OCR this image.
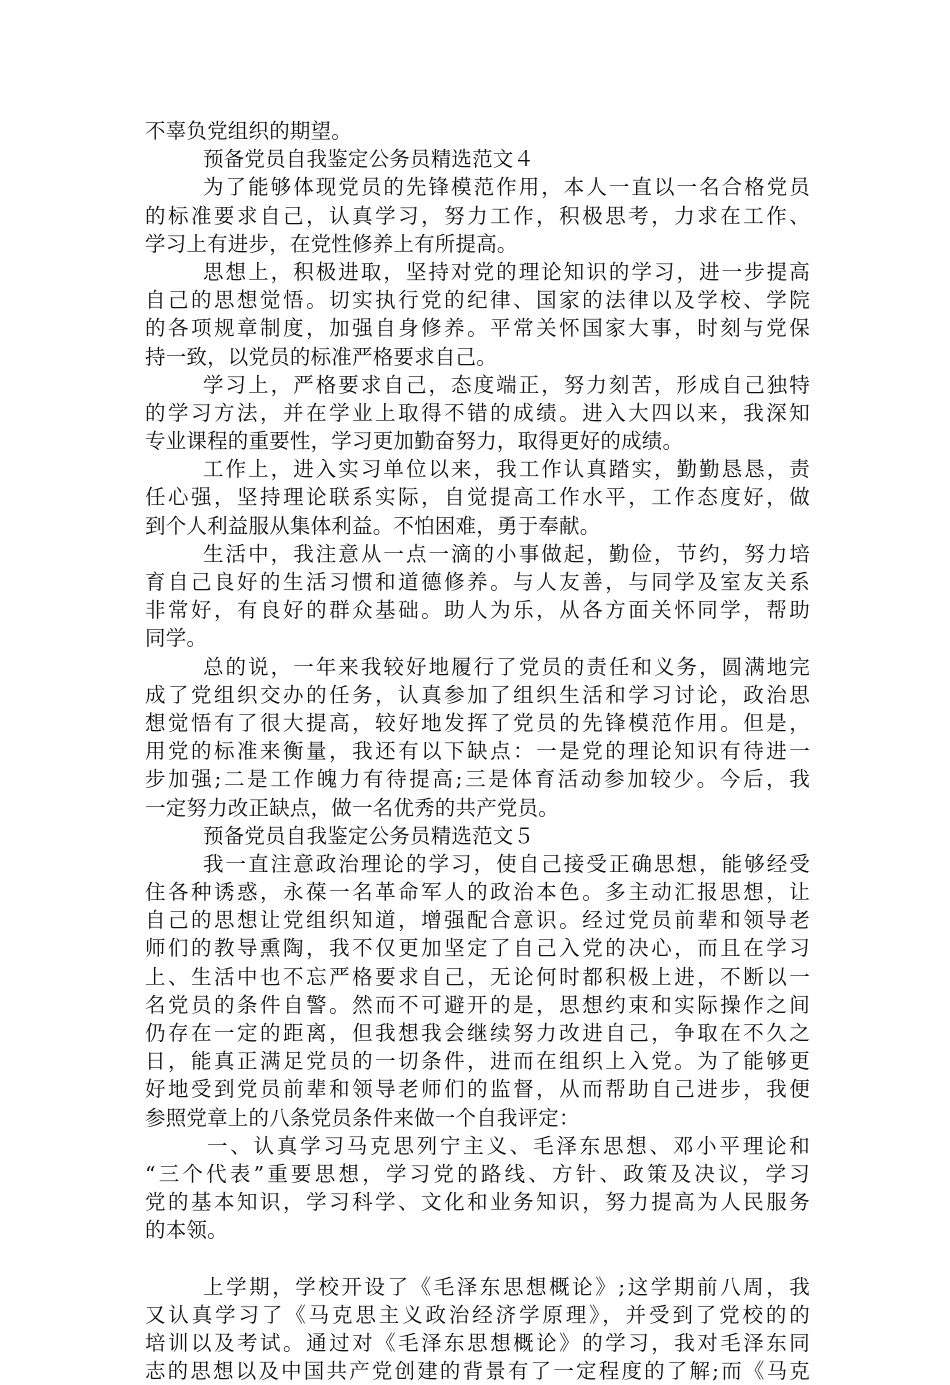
不辜负党组织的期望。
预备党员自我鉴定公务员精选范文４
为了能够体现党员的先锋模范作用，本人一直以一名合格党员
的标准要求自己，认真学习，努力工作，积极思考，力求在工作、
学习上有进步，在党性修养上有所提高。
思想上，积极进取，坚持对党的理论知识的学习，进一步提高
自己的思想觉悟。切实执行党的纪律、国家的法律以及学校、学院
的各项规章制度，加强自身修养。平常关怀国家大事，时刻与党保
持一致，以党员的标准严格要求自己。
学习上，严格要求自己，态度端正，努力刻苦，形成自己独特
的学习方法，并在学业上取得不错的成绩。进入大四以来，我深知
专业课程的重要性，学习更加勤奋努力，取得更好的成绩。
工作上，进入实习单位以来，我工作认真踏实，勤勤恳恳，责
任心强，坚持理论联系实际，自觉提高工作水平，工作态度好，做
到个人利益服从集体利益。不怕困难，勇于奉献。
生活中，我注意从一点一滴的小事做起，勤俭，节约，努力培
育自己良好的生活习惯和道德修养。与人友善，与同学及室友关系
非常好，有良好的群众基础。助人为乐，从各方面关怀同学，帮助
同学。
总的说，一年来我较好地履行了党员的责任和义务，圆满地完
成了党组织交办的任务，认真参加了组织生活和学习讨论，政治思
想觉悟有了很大提高，较好地发挥了党员的先锋模范作用。但是，
用党的标准来衡量，我还有以下缺点：一是党的理论知识有待进一
步加强;二是工作魄力有待提高;三是体育活动参加较少。今后，我
一定努力改正缺点，做一名优秀的共产党员。
预备党员自我鉴定公务员精选范文５
我一直注意政治理论的学习，使自己接受正确思想，能够经受
住各种诱惑，永葆一名革命军人的政治本色。多主动汇报思想，让
自己的思想让党组织知道，增强配合意识。经过党员前辈和领导老
师们的教导熏陶，我不仅更加坚定了自己入党的决心，而且在学习
上、生活中也不忘严格要求自己，无论何时都积极上进，不断以一
名党员的条件自警。然而不可避开的是，思想约束和实际操作之间
仍存在一定的距离，但我想我会继续努力改进自己，争取在不久之
日，能真正满足党员的一切条件，进而在组织上入党。为了能够更
好地受到党员前辈和领导老师们的监督，从而帮助自己进步，我便
参照党章上的八条党员条件来做一个自我评定：
一、认真学习马克思列宁主义、毛泽东思想、邓小平理论和
“三个代表”重要思想，学习党的路线、方针、政策及决议，学习
党的基本知识，学习科学、文化和业务知识，努力提高为人民服务
的本领。
上学期，学校开设了《毛泽东思想概论》;这学期前八周，我
又认真学习了《马克思主义政治经济学原理》，并受到了党校的的
培训以及考试。通过对《毛泽东思想概论》的学习，我对毛泽东同
志的思想以及中国共产党创建的背景有了一定程度的了解;而《马克
